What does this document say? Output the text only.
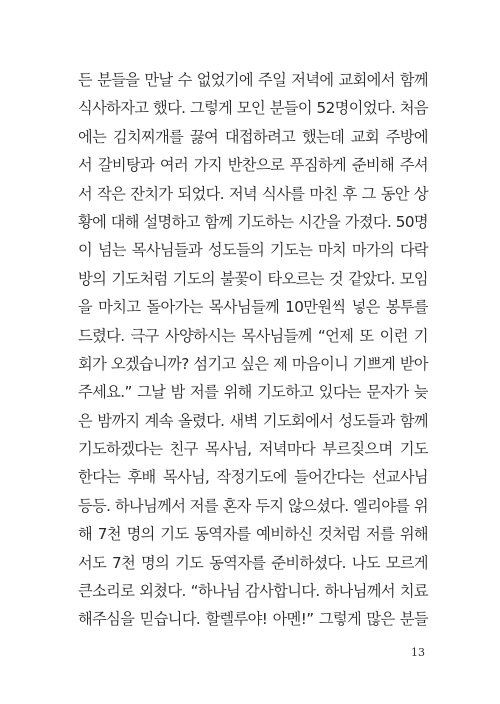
든 분들을 만날 수 없었기에 주일 저녁에 교회에서 함께
식사하자고 했다. 그렇게 모인 분들이 52명이었다. 처음
에는 김치찌개를 끓여 대접하려고 했는데 교회 주방에
서 갈비탕과 여러 가지 반찬으로 푸짐하게 준비해 주셔
서 작은 잔치가 되었다. 저녁 식사를 마친 후 그 동안 상
황에 대해 설명하고 함께 기도하는 시간을 가졌다. 50명
이 넘는 목사님들과 성도들의 기도는 마치 마가의 다락
방의 기도처럼 기도의 불꽃이 타오르는 것 같았다. 모임
을 마치고 돌아가는 목사님들께 10만원씩 넣은 봉투를
드렸다. 극구 사양하시는 목사님들께 “언제 또 이런 기
회가 오겠습니까? 섬기고 싶은 제 마음이니 기쁘게 받아
주세요.” 그날 밤 저를 위해 기도하고 있다는 문자가 늦
은 밤까지 계속 올렸다. 새벽 기도회에서 성도들과 함께
기도하겠다는 친구 목사님, 저녁마다 부르짖으며 기도
한다는 후배 목사님, 작정기도에 들어간다는 선교사님
등등. 하나님께서 저를 혼자 두지 않으셨다. 엘리야를 위
해 7천 명의 기도 동역자를 예비하신 것처럼 저를 위해
서도 7천 명의 기도 동역자를 준비하셨다. 나도 모르게
큰소리로 외쳤다. “하나님 감사합니다. 하나님께서 치료
해주심을 믿습니다. 할렐루야! 아멘!” 그렇게 많은 분들
13
